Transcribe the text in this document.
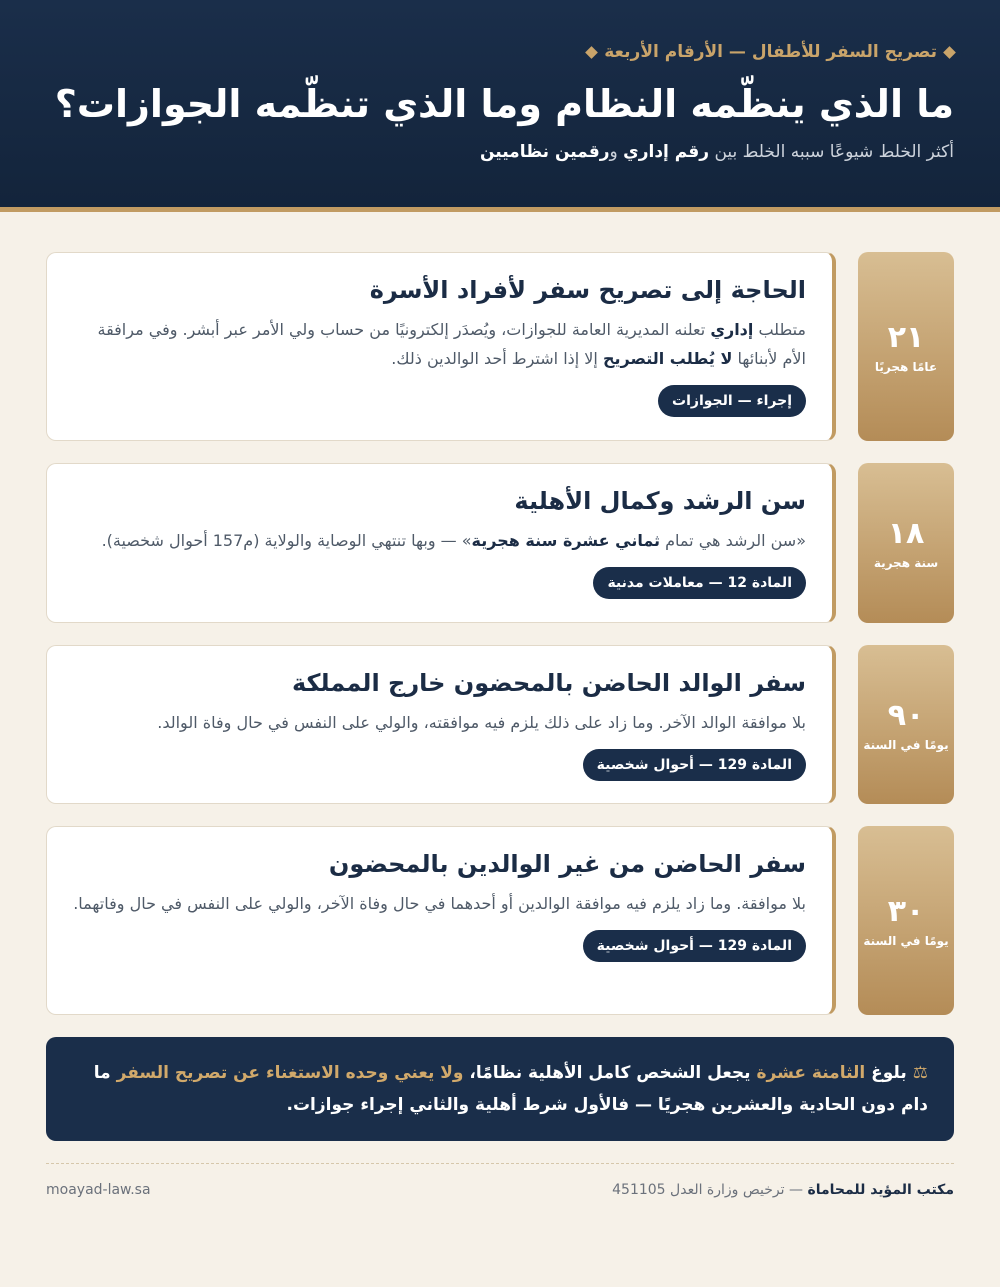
تصريح السفر للأطفال — الأرقام الأربعة
ما الذي ينظّمه النظام وما الذي تنظّمه الجوازات؟

أكثر الخلط شيوعًا سببه الخلط بين رقم إداري ورقمين نظاميين

٢١
عامًا هجريًا
الحاجة إلى تصريح سفر لأفراد الأسرة

متطلب إداري تعلنه المديرية العامة للجوازات، ويُصدَر إلكترونيًا من حساب ولي الأمر عبر أبشر. وفي مرافقة الأم لأبنائها لا يُطلب التصريح إلا إذا اشترط أحد الوالدين ذلك.

إجراء — الجوازات
١٨
سنة هجرية
سن الرشد وكمال الأهلية

«سن الرشد هي تمام ثماني عشرة سنة هجرية» — وبها تنتهي الوصاية والولاية (م157 أحوال شخصية).

المادة 12 — معاملات مدنية
٩٠
يومًا في السنة
سفر الوالد الحاضن بالمحضون خارج المملكة

بلا موافقة الوالد الآخر. وما زاد على ذلك يلزم فيه موافقته، والولي على النفس في حال وفاة الوالد.

المادة 129 — أحوال شخصية
٣٠
يومًا في السنة
سفر الحاضن من غير الوالدين بالمحضون

بلا موافقة. وما زاد يلزم فيه موافقة الوالدين أو أحدهما في حال وفاة الآخر، والولي على النفس في حال وفاتهما.

المادة 129 — أحوال شخصية
⚖بلوغ الثامنة عشرة يجعل الشخص كامل الأهلية نظامًا، ولا يعني وحده الاستغناء عن تصريح السفر ما دام دون الحادية والعشرين هجريًا — فالأول شرط أهلية والثاني إجراء جوازات.
مكتب المؤيد للمحاماة — ترخيص وزارة العدل 451105
moayad-law.sa
